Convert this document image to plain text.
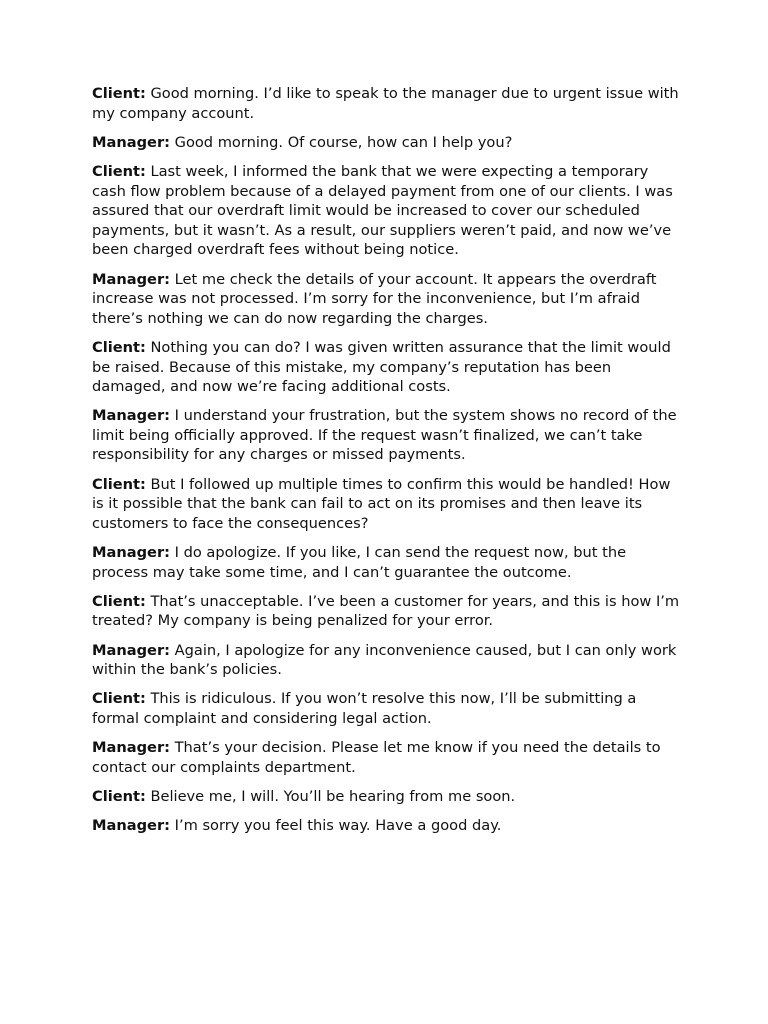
Client: Good morning. I’d like to speak to the manager due to urgent issue with my company account.

Manager: Good morning. Of course, how can I help you?

Client: Last week, I informed the bank that we were expecting a temporary cash flow problem because of a delayed payment from one of our clients. I was assured that our overdraft limit would be increased to cover our scheduled payments, but it wasn’t. As a result, our suppliers weren’t paid, and now we’ve been charged overdraft fees without being notice.

Manager: Let me check the details of your account. It appears the overdraft increase was not processed. I’m sorry for the inconvenience, but I’m afraid there’s nothing we can do now regarding the charges.

Client: Nothing you can do? I was given written assurance that the limit would be raised. Because of this mistake, my company’s reputation has been damaged, and now we’re facing additional costs.

Manager: I understand your frustration, but the system shows no record of the limit being officially approved. If the request wasn’t finalized, we can’t take responsibility for any charges or missed payments.

Client: But I followed up multiple times to confirm this would be handled! How is it possible that the bank can fail to act on its promises and then leave its customers to face the consequences?

Manager: I do apologize. If you like, I can send the request now, but the process may take some time, and I can’t guarantee the outcome.

Client: That’s unacceptable. I’ve been a customer for years, and this is how I’m treated? My company is being penalized for your error.

Manager: Again, I apologize for any inconvenience caused, but I can only work within the bank’s policies.

Client: This is ridiculous. If you won’t resolve this now, I’ll be submitting a formal complaint and considering legal action.

Manager: That’s your decision. Please let me know if you need the details to contact our complaints department.

Client: Believe me, I will. You’ll be hearing from me soon.

Manager: I’m sorry you feel this way. Have a good day.
